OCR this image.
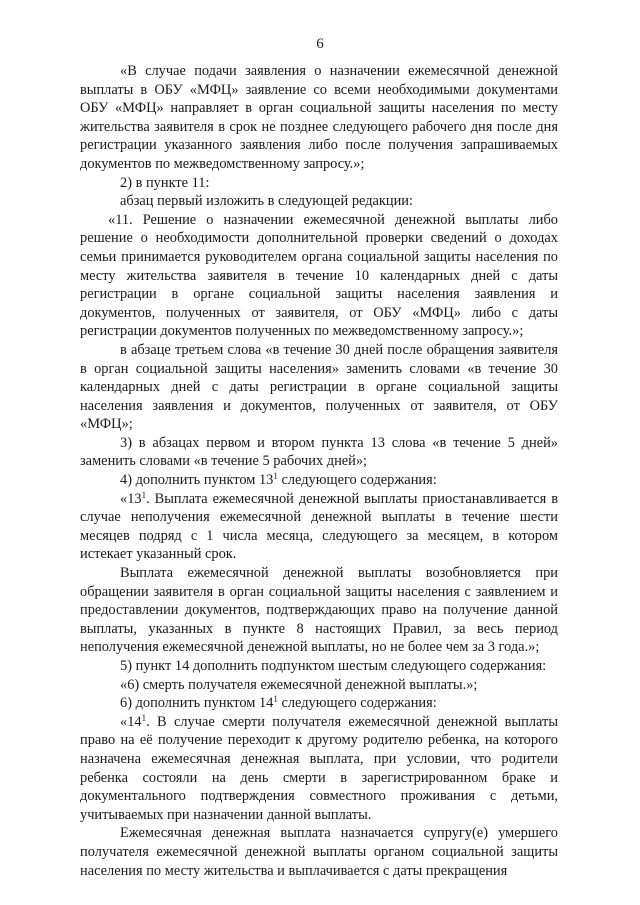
6

«В случае подачи заявления о назначении ежемесячной денежной выплаты в ОБУ «МФЦ» заявление со всеми необходимыми документами ОБУ «МФЦ» направляет в орган социальной защиты населения по месту жительства заявителя в срок не позднее следующего рабочего дня после дня регистрации указанного заявления либо после получения запрашиваемых документов по межведомственному запросу.»;

2) в пункте 11:

абзац первый изложить в следующей редакции:

«11. Решение о назначении ежемесячной денежной выплаты либо решение о необходимости дополнительной проверки сведений о доходах семьи принимается руководителем органа социальной защиты населения по месту жительства заявителя в течение 10 календарных дней с даты регистрации в органе социальной защиты населения заявления и документов, полученных от заявителя, от ОБУ «МФЦ» либо с даты регистрации документов полученных по межведомственному запросу.»;

в абзаце третьем слова «в течение 30 дней после обращения заявителя в орган социальной защиты населения» заменить словами «в течение 30 календарных дней с даты регистрации в органе социальной защиты населения заявления и документов, полученных от заявителя, от ОБУ «МФЦ»;

3) в абзацах первом и втором пункта 13 слова «в течение 5 дней» заменить словами «в течение 5 рабочих дней»;

4) дополнить пунктом $13^1$ следующего содержания:

«$13^1$. Выплата ежемесячной денежной выплаты приостанавливается в случае неполучения ежемесячной денежной выплаты в течение шести месяцев подряд с 1 числа месяца, следующего за месяцем, в котором истекает указанный срок.

Выплата ежемесячной денежной выплаты возобновляется при обращении заявителя в орган социальной защиты населения с заявлением и предоставлении документов, подтверждающих право на получение данной выплаты, указанных в пункте 8 настоящих Правил, за весь период неполучения ежемесячной денежной выплаты, но не более чем за 3 года.»;

5) пункт 14 дополнить подпунктом шестым следующего содержания:

«6) смерть получателя ежемесячной денежной выплаты.»;

6) дополнить пунктом $14^1$ следующего содержания:

«$14^1$. В случае смерти получателя ежемесячной денежной выплаты право на её получение переходит к другому родителю ребенка, на которого назначена ежемесячная денежная выплата, при условии, что родители ребенка состояли на день смерти в зарегистрированном браке и документального подтверждения совместного проживания с детьми, учитываемых при назначении данной выплаты.

Ежемесячная денежная выплата назначается супругу(е) умершего получателя ежемесячной денежной выплаты органом социальной защиты населения по месту жительства и выплачивается с даты прекращения
